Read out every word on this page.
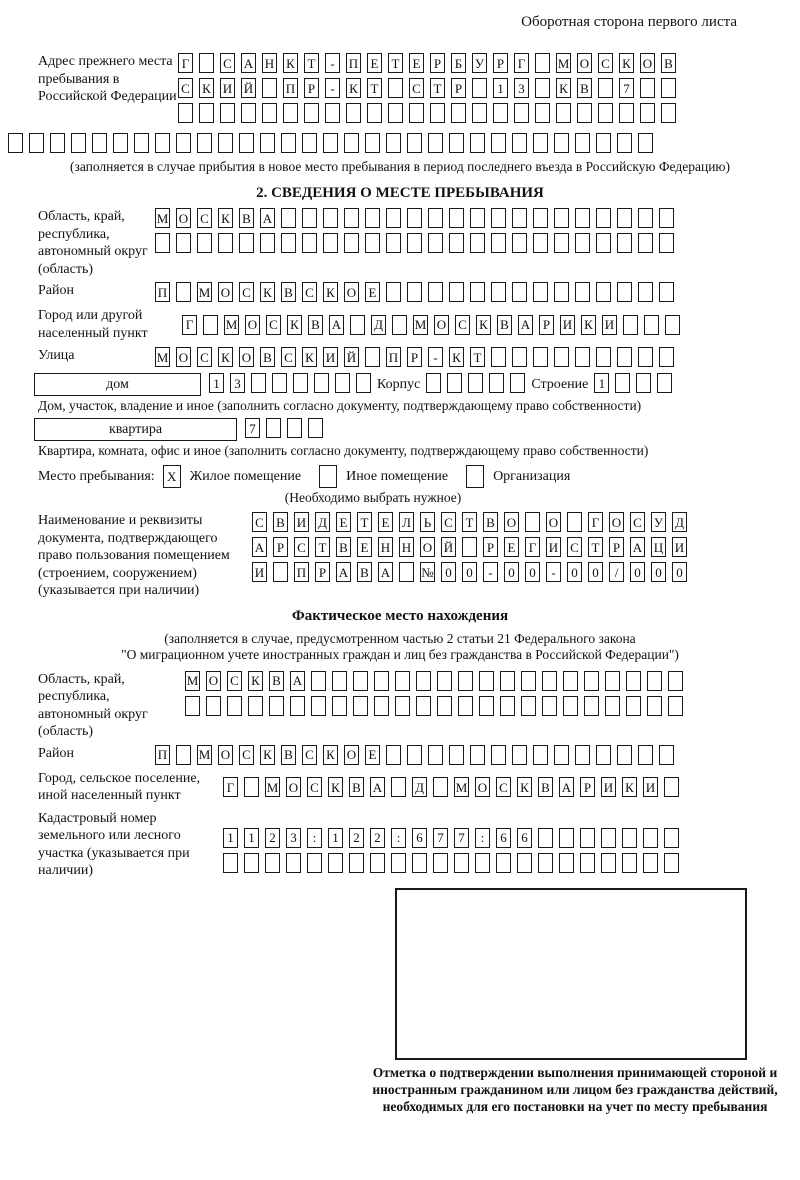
Оборотная сторона первого листа
Адрес прежнего места пребывания в Российской Федерации
Г	С А Н К Т	-	П Е Т Е Р Б У Р Г М О С К О В
С К И Й	П Р	-	К Т	С Т Р	1	3	К В	7
(заполняется в случае прибытия в новое место пребывания в период последнего въезда в Российскую Федерацию)
2. СВЕДЕНИЯ О МЕСТЕ ПРЕБЫВАНИЯ
Область, край, республика, автономный округ (область)
М О С К В А
Район	П М О С К В С К О Е
Город или другой населенный пункт
Г М О С К В А	Д М О С К В А Р И К И
Улица	М О С К О В С К И Й	П Р	-	К Т
дом	1	3	Корпус	Строение 1
Дом, участок, владение и иное (заполнить согласно документу, подтверждающему право собственности)
квартира	7
Квартира, комната, офис и иное (заполнить согласно документу, подтверждающему право собственности)
Место пребывания: X Жилое помещение	Иное помещение	Организация
(Необходимо выбрать нужное)
Наименование и реквизиты документа, подтверждающего право пользования помещением (строением, сооружением) (указывается при наличии)
С В И Д Е Т Е Л Ь С Т В О	О	Г О С У Д
А Р С Т В Е Н Н О Й	Р Е Г И С Т Р А Ц И
И	П Р А В А № 0	0	-	0	0	-	0	0	/	0	0	0
Фактическое место нахождения
(заполняется в случае, предусмотренном частью 2 статьи 21 Федерального закона
"О миграционном учете иностранных граждан и лиц без гражданства в Российской Федерации")
Область, край, республика, автономный округ (область)
М О С К В А
Район	П М О С К В С К О Е
Город, сельское поселение, иной населенный пункт
Г М О С К В А	Д М О С К В А Р И К И
Кадастровый номер земельного или лесного участка (указывается при наличии)
1	1	2	3	:	1	2	2	:	6	7	7	:	6	6
Отметка о подтверждении выполнения принимающей стороной и иностранным гражданином или лицом без гражданства действий, необходимых для его постановки на учет по месту пребывания
